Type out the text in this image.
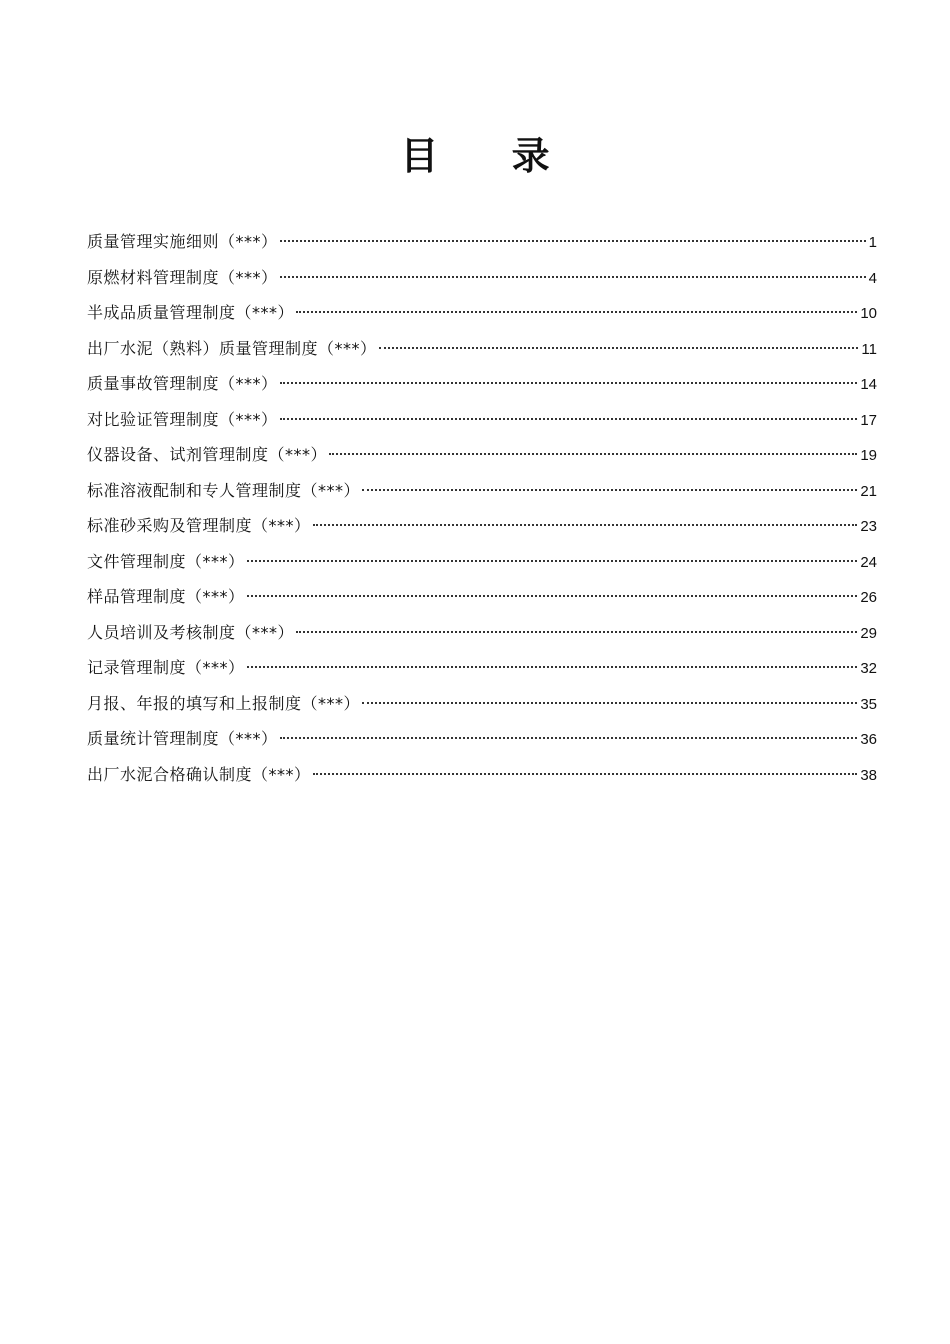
目 录
质量管理实施细则（***）	1
原燃材料管理制度（***）	4
半成品质量管理制度（***）	10
出厂水泥（熟料）质量管理制度（***）	11
质量事故管理制度（***）	14
对比验证管理制度（***）	17
仪器设备、试剂管理制度（***）	19
标准溶液配制和专人管理制度（***）	21
标准砂采购及管理制度（***）	23
文件管理制度（***）	24
样品管理制度（***）	26
人员培训及考核制度（***）	29
记录管理制度（***）	32
月报、年报的填写和上报制度（***）	35
质量统计管理制度（***）	36
出厂水泥合格确认制度（***）	38
